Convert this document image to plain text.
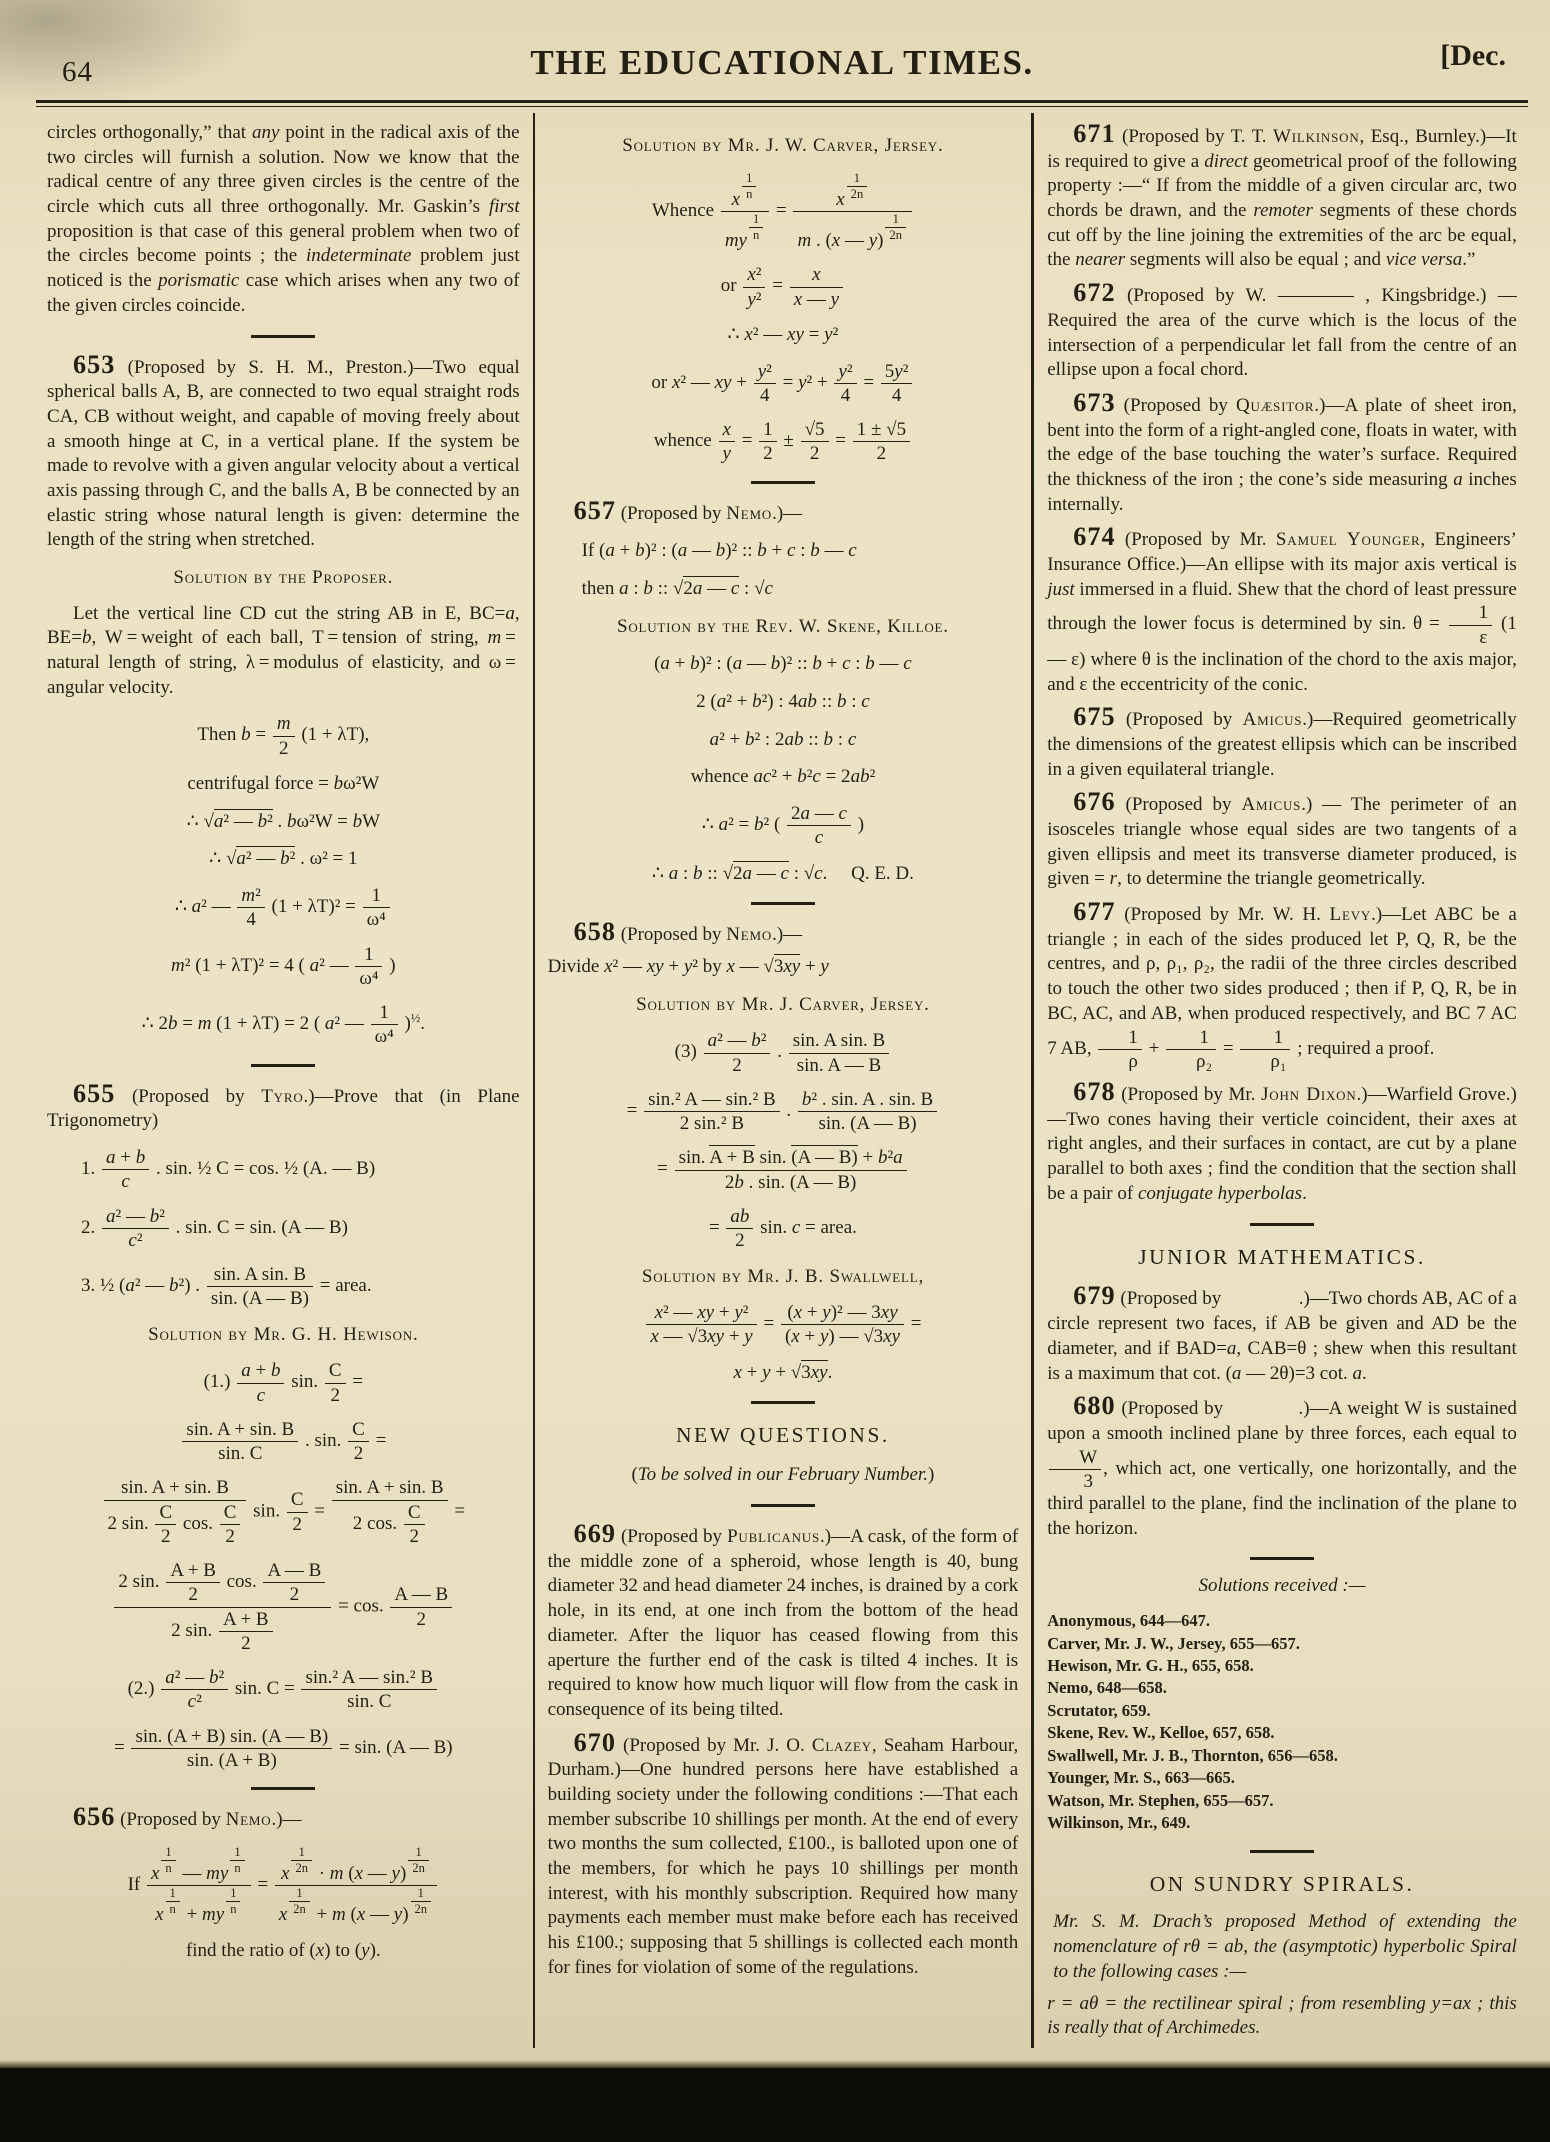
64	THE EDUCATIONAL TIMES.	[Dec.
circles orthogonally,” that any point in the radical axis of the two circles will furnish a solution. Now we know that the radical centre of any three given circles is the centre of the circle which cuts all three orthogonally. Mr. Gaskin’s first proposition is that case of this general problem when two of the circles become points ; the indeterminate problem just noticed is the porismatic case which arises when any two of the given circles coincide.
653 (Proposed by S. H. M., Preston.)—Two equal spherical balls A, B, are connected to two equal straight rods CA, CB without weight, and capable of moving freely about a smooth hinge at C, in a vertical plane. If the system be made to revolve with a given angular velocity about a vertical axis passing through C, and the balls A, B be connected by an elastic string whose natural length is given: determine the length of the string when stretched.
Solution by the Proposer.
Let the vertical line CD cut the string AB in E, BC=a, BE=b, W = weight of each ball, T = tension of string, m = natural length of string, λ = modulus of elasticity, and ω = angular velocity.
Then $b = \frac{m}{2} (1 + \lambda T)$,
centrifugal force = bω²W
∴ √a² — b² . bω²W = bW
∴ √a² — b² . ω² = 1
∴ a² — $\frac{\text{m²}}{4} (1 + \lambda T)^2 = \frac{1}{\text{ω⁴}}$
m² (1 + λT)² = 4 ( a² — $\frac{1}{\text{ω⁴}}$ )
∴ 2b = m (1 + λT) = 2 ( a² — $\frac{1}{\text{ω⁴}} )^{\frac{1}{2}}$.
655 (Proposed by Tyro.)—Prove that (in Plane Trigonometry)
1. $\frac{a + b}{c}$ . sin. ½ C = cos. ½ (A. — B)
2. $\frac{\text{a² — b²}}{\text{c²}}$ . sin. C = sin. (A — B)
3. ½ (a² — b²) . $\frac{\text{sin. A sin. B}}{\sin. (A — B)}$ = area.
Solution by Mr. G. H. Hewison.
$(1.) \frac{a + b}{c} \sin$. $\frac{C}{2}$ =
$\frac{\sin. A + \sin. B}{\sin. C}$ . sin. $\frac{C}{2}$ =
$\frac{\sin. A + \sin. B}{2 \sin. \frac{C}{2} \cos. \frac{C}{2}} \sin$. $\frac{C}{2} = \frac{\sin. A + \sin. B}{2 \cos. \frac{C}{2}}$ =
$\frac{2 \sin. \frac{A + B}{2} \cos. \frac{A — B}{2}}{2 \sin. \frac{A + B}{2}} = \cos$. $\frac{A — B}{2}$
$(2.) \frac{\text{a² — b²}}{\text{c²}} \sin$. $C = \frac{\text{sin.² A — sin.² B}}{\sin. C}$
= $\frac{\sin. (A + B) \sin. (A — B)}{\sin. (A + B)} = \sin$. (A — B)
656 (Proposed by Nemo.)—
If x $^{\frac{1}{n}}$ — my $^{\frac{1}{n}}$
x $^{\frac{1}{n}}$ + my $^{\frac{1}{n}}$ = x $^{\frac{1}{2n}}$ · m (x — y) $^{\frac{1}{2n}}$
x $^{\frac{1}{2n}}$ + m (x — y) $^{\frac{1}{2n}}$
find the ratio of (x) to (y).
Solution by Mr. J. W. Carver, Jersey.
Whence x $^{\frac{1}{n}}$
my $^{\frac{1}{n}}$ = x $^{\frac{1}{2n}}$
m . (x — y) $^{\frac{1}{2n}}$
or $\frac{\text{x²}}{\text{y²}} = \frac{x}{x — y}$
∴ x² — xy = y²
or x² — xy + $\frac{\text{y²}}{4} = y^2 + \frac{\text{y²}}{4} = \frac{\text{5y²}}{4}$
whence $\frac{x}{y} = \frac{1}{2} \pm \frac{√5}{2} = \frac{1 \pm √5}{2}$
657 (Proposed by Nemo.)—
If (a + b)² : (a — b)² :: b + c : b — c
then a : b :: √2a — c : √c
Solution by the Rev. W. Skene, Killoe.
(a + b)² : (a — b)² :: b + c : b — c
2 (a² + b²) : 4ab :: b : c
a² + b² : 2ab :: b : c
whence ac² + b²c = 2ab²
∴ a² = b² ( $\frac{2a — c}{c}$ )
∴ a : b :: √2a — c : √c.  Q. E. D.
658 (Proposed by Nemo.)—
Divide x² — xy + y² by x — √3xy + y
Solution by Mr. J. Carver, Jersey.
$(3) \frac{\text{a² — b²}}{2}$ . $\frac{\text{sin. A sin. B}}{\sin. A — B}$
= $\frac{\text{sin.² A — sin.² B}}{\text{2 sin.² B}}$ . $\frac{\text{b² . sin. A . sin. B}}{\sin. (A — B)}$
= $\frac{\text{sin. A + B sin. (A — B) + b²a}}{2b . \sin. (A — B)}$
= $\frac{ab}{2} \sin$. c = area.
Solution by Mr. J. B. Swallwell,
$\frac{\text{x² — xy + y²}}{x — √3xy + y} = \frac{\text{(x + y)² — 3xy}}{(x + y) — √3xy}$ =
x + y + √3xy.
NEW QUESTIONS.
(To be solved in our February Number.)
669 (Proposed by Publicanus.)—A cask, of the form of the middle zone of a spheroid, whose length is 40, bung diameter 32 and head diameter 24 inches, is drained by a cork hole, in its end, at one inch from the bottom of the head diameter. After the liquor has ceased flowing from this aperture the further end of the cask is tilted 4 inches. It is required to know how much liquor will flow from the cask in consequence of its being tilted.
670 (Proposed by Mr. J. O. Clazey, Seaham Harbour, Durham.)—One hundred persons here have established a building society under the following conditions :—That each member subscribe 10 shillings per month. At the end of every two months the sum collected, £100., is balloted upon one of the members, for which he pays 10 shillings per month interest, with his monthly subscription. Required how many payments each member must make before each has received his £100.; supposing that 5 shillings is collected each month for fines for violation of some of the regulations.
671 (Proposed by T. T. Wilkinson, Esq., Burnley.)—It is required to give a direct geometrical proof of the following property :—“ If from the middle of a given circular arc, two chords be drawn, and the remoter segments of these chords cut off by the line joining the extremities of the arc be equal, the nearer segments will also be equal ; and vice versa.”
672 (Proposed by W. ———— , Kingsbridge.) —Required the area of the curve which is the locus of the intersection of a perpendicular let fall from the centre of an ellipse upon a focal chord.
673 (Proposed by Quæsitor.)—A plate of sheet iron, bent into the form of a right-angled cone, floats in water, with the edge of the base touching the water’s surface. Required the thickness of the iron ; the cone’s side measuring a inches internally.
674 (Proposed by Mr. Samuel Younger, Engineers’ Insurance Office.)—An ellipse with its major axis vertical is just immersed in a fluid. Shew that the chord of least pressure through the lower focus is determined by sin. $\theta = \frac{1}{\varepsilon} (1$ — ε) where θ is the inclination of the chord to the axis major, and ε the eccentricity of the conic.
675 (Proposed by Amicus.)—Required geometrically the dimensions of the greatest ellipsis which can be inscribed in a given equilateral triangle.
676 (Proposed by Amicus.) — The perimeter of an isosceles triangle whose equal sides are two tangents of a given ellipsis and meet its transverse diameter produced, is given = r, to determine the triangle geometrically.
677 (Proposed by Mr. W. H. Levy.)—Let ABC be a triangle ; in each of the sides produced let P, Q, R, be the centres, and ρ, ρ₁, ρ₂, the radii of the three circles described to touch the other two sides produced ; then if P, Q, R, be in BC, AC, and AB, when produced respectively, and BC 7 AC 7 AB, $\frac{1}{\rho} + \frac{1}{\text{ρ₂}} = \frac{1}{\text{ρ₁}}$ ; required a proof.
678 (Proposed by Mr. John Dixon.)—Warfield Grove.)—Two cones having their verticle coincident, their axes at right angles, and their surfaces in contact, are cut by a plane parallel to both axes ; find the condition that the section shall be a pair of conjugate hyperbolas.
JUNIOR MATHEMATICS.
679 (Proposed by                .)—Two chords AB, AC of a circle represent two faces, if AB be given and AD be the diameter, and if BAD=a, CAB=θ ; shew when this resultant is a maximum that cot. (a — 2θ)=3 cot. a.
680 (Proposed by             .)—A weight W is sustained upon a smooth inclined plane by three forces, each equal to
$\frac{W}{3}$ , which act, one vertically, one horizontally, and the third parallel to the plane, find the inclination of the plane to the horizon.
Solutions received :—
Anonymous, 644—647.
Carver, Mr. J. W., Jersey, 655—657.
Hewison, Mr. G. H., 655, 658.
Nemo, 648—658.
Scrutator, 659.
Skene, Rev. W., Kelloe, 657, 658.
Swallwell, Mr. J. B., Thornton, 656—658.
Younger, Mr. S., 663—665.
Watson, Mr. Stephen, 655—657.
Wilkinson, Mr., 649.
ON SUNDRY SPIRALS.
Mr. S. M. Drach’s proposed Method of extending the nomenclature of rθ = ab, the (asymptotic) hyperbolic Spiral to the following cases :—
r = aθ = the rectilinear spiral ; from resembling y=ax ; this is really that of Archimedes.
